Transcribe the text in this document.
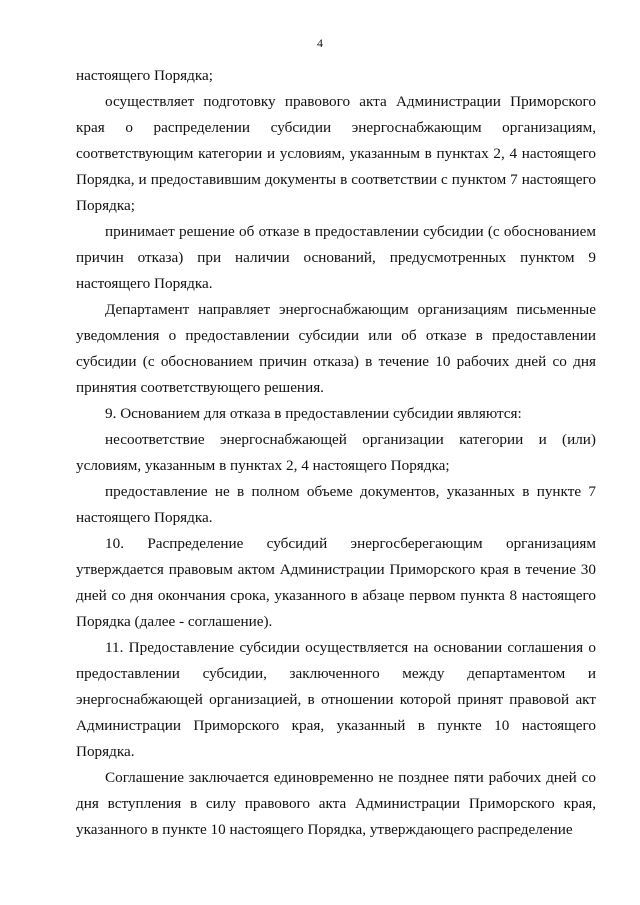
4

настоящего Порядка;

осуществляет подготовку правового акта Администрации Приморского края о распределении субсидии энергоснабжающим организациям, соответствующим категории и условиям, указанным в пунктах 2, 4 настоящего Порядка, и предоставившим документы в соответствии с пунктом 7 настоящего Порядка;

принимает решение об отказе в предоставлении субсидии (с обоснованием причин отказа) при наличии оснований, предусмотренных пунктом 9 настоящего Порядка.

Департамент направляет энергоснабжающим организациям письменные уведомления о предоставлении субсидии или об отказе в предоставлении субсидии (с обоснованием причин отказа) в течение 10 рабочих дней со дня принятия соответствующего решения.

9. Основанием для отказа в предоставлении субсидии являются:

несоответствие энергоснабжающей организации категории и (или) условиям, указанным в пунктах 2, 4 настоящего Порядка;

предоставление не в полном объеме документов, указанных в пункте 7 настоящего Порядка.

10. Распределение субсидий энергосберегающим организациям утверждается правовым актом Администрации Приморского края в течение 30 дней со дня окончания срока, указанного в абзаце первом пункта 8 настоящего Порядка (далее - соглашение).

11. Предоставление субсидии осуществляется на основании соглашения о предоставлении субсидии, заключенного между департаментом и энергоснабжающей организацией, в отношении которой принят правовой акт Администрации Приморского края, указанный в пункте 10 настоящего Порядка.

Соглашение заключается единовременно не позднее пяти рабочих дней со дня вступления в силу правового акта Администрации Приморского края, указанного в пункте 10 настоящего Порядка, утверждающего распределение
